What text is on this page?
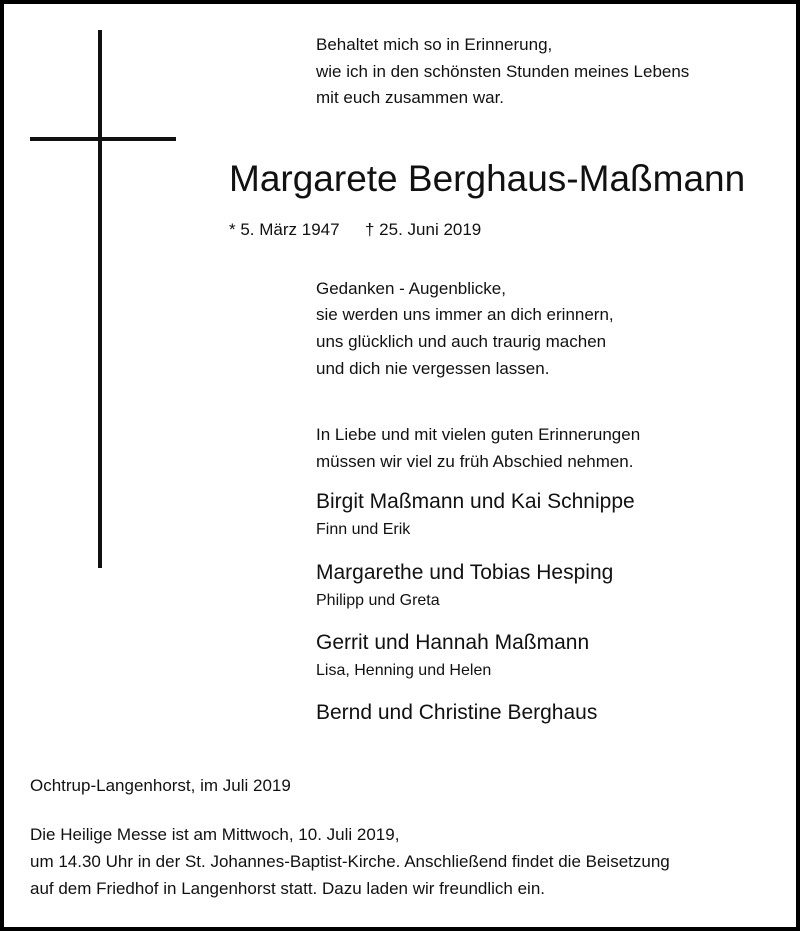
Behaltet mich so in Erinnerung,
wie ich in den schönsten Stunden meines Lebens
mit euch zusammen war.
Margarete Berghaus-Maßmann
* 5. März 1947 † 25. Juni 2019
Gedanken - Augenblicke,
sie werden uns immer an dich erinnern,
uns glücklich und auch traurig machen
und dich nie vergessen lassen.
In Liebe und mit vielen guten Erinnerungen
müssen wir viel zu früh Abschied nehmen.
Birgit Maßmann und Kai Schnippe
Finn und Erik
Margarethe und Tobias Hesping
Philipp und Greta
Gerrit und Hannah Maßmann
Lisa, Henning und Helen
Bernd und Christine Berghaus
Ochtrup-Langenhorst, im Juli 2019
Die Heilige Messe ist am Mittwoch, 10. Juli 2019,
um 14.30 Uhr in der St. Johannes-Baptist-Kirche. Anschließend findet die Beisetzung
auf dem Friedhof in Langenhorst statt. Dazu laden wir freundlich ein.
